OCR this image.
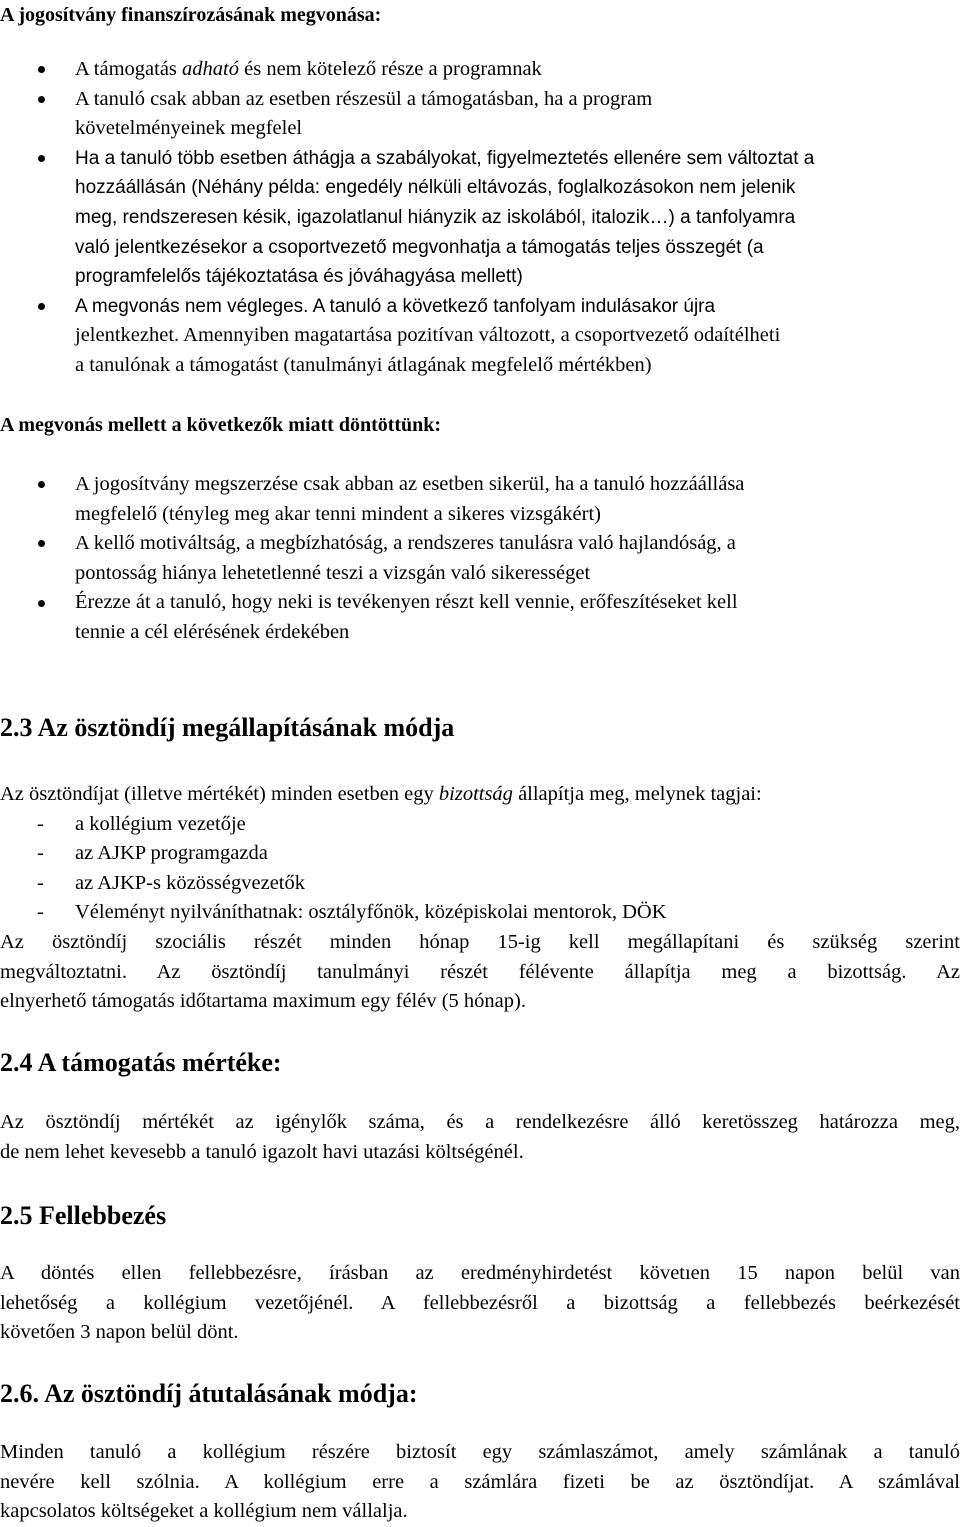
A jogosítvány finanszírozásának megvonása:
A támogatás adható és nem kötelező része a programnak
A tanuló csak abban az esetben részesül a támogatásban, ha a program
követelményeinek megfelel
Ha a tanuló több esetben áthágja a szabályokat, figyelmeztetés ellenére sem változtat a
hozzáállásán (Néhány példa: engedély nélküli eltávozás, foglalkozásokon nem jelenik
meg, rendszeresen késik, igazolatlanul hiányzik az iskolából, italozik…) a tanfolyamra
való jelentkezésekor a csoportvezető megvonhatja a támogatás teljes összegét (a
programfelelős tájékoztatása és jóváhagyása mellett)
A megvonás nem végleges. A tanuló a következő tanfolyam indulásakor újra
jelentkezhet. Amennyiben magatartása pozitívan változott, a csoportvezető odaítélheti
a tanulónak a támogatást (tanulmányi átlagának megfelelő mértékben)
A megvonás mellett a következők miatt döntöttünk:
A jogosítvány megszerzése csak abban az esetben sikerül, ha a tanuló hozzáállása
megfelelő (tényleg meg akar tenni mindent a sikeres vizsgákért)
A kellő motiváltság, a megbízhatóság, a rendszeres tanulásra való hajlandóság, a
pontosság hiánya lehetetlenné teszi a vizsgán való sikerességet
Érezze át a tanuló, hogy neki is tevékenyen részt kell vennie, erőfeszítéseket kell
tennie a cél elérésének érdekében
2.3 Az ösztöndíj megállapításának módja
Az ösztöndíjat (illetve mértékét) minden esetben egy bizottság állapítja meg, melynek tagjai:
- a kollégium vezetője
- az AJKP programgazda
- az AJKP-s közösségvezetők
- Véleményt nyilváníthatnak: osztályfőnök, középiskolai mentorok, DÖK
Az ösztöndíj szociális részét minden hónap 15-ig kell megállapítani és szükség szerint
megváltoztatni. Az ösztöndíj tanulmányi részét félévente állapítja meg a bizottság. Az
elnyerhető támogatás időtartama maximum egy félév (5 hónap).
2.4 A támogatás mértéke:
Az ösztöndíj mértékét az igénylők száma, és a rendelkezésre álló keretösszeg határozza meg,
de nem lehet kevesebb a tanuló igazolt havi utazási költségénél.
2.5 Fellebbezés
A döntés ellen fellebbezésre, írásban az eredményhirdetést követıen 15 napon belül van
lehetőség a kollégium vezetőjénél. A fellebbezésről a bizottság a fellebbezés beérkezését
követően 3 napon belül dönt.
2.6. Az ösztöndíj átutalásának módja:
Minden tanuló a kollégium részére biztosít egy számlaszámot, amely számlának a tanuló
nevére kell szólnia. A kollégium erre a számlára fizeti be az ösztöndíjat. A számlával
kapcsolatos költségeket a kollégium nem vállalja.
